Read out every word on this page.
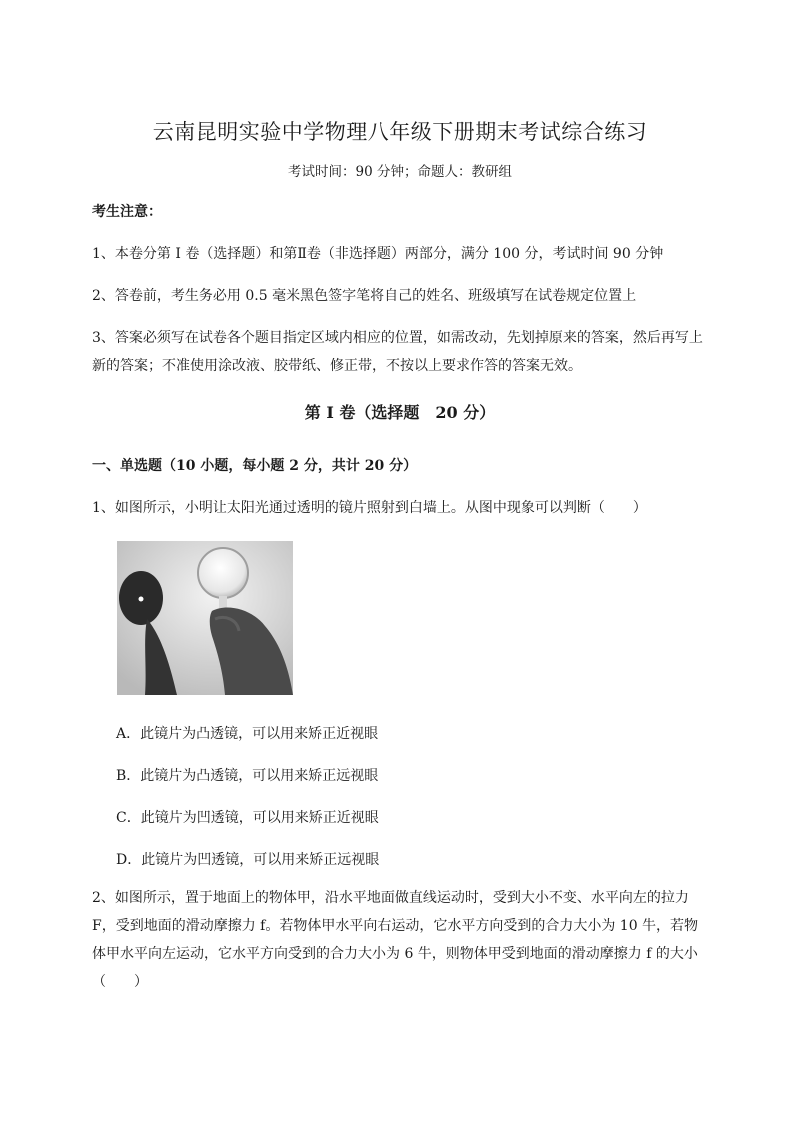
云南昆明实验中学物理八年级下册期末考试综合练习
考试时间：90 分钟；命题人：教研组
考生注意：
1、本卷分第 I 卷（选择题）和第Ⅱ卷（非选择题）两部分，满分 100 分，考试时间 90 分钟
2、答卷前，考生务必用 0.5 毫米黑色签字笔将自己的姓名、班级填写在试卷规定位置上
3、答案必须写在试卷各个题目指定区域内相应的位置，如需改动，先划掉原来的答案，然后再写上新的答案；不准使用涂改液、胶带纸、修正带，不按以上要求作答的答案无效。
第 I 卷（选择题　20 分）
一、单选题（10 小题，每小题 2 分，共计 20 分）
1、如图所示，小明让太阳光通过透明的镜片照射到白墙上。从图中现象可以判断（　　）
A．此镜片为凸透镜，可以用来矫正近视眼
B．此镜片为凸透镜，可以用来矫正远视眼
C．此镜片为凹透镜，可以用来矫正近视眼
D．此镜片为凹透镜，可以用来矫正远视眼
2、如图所示，置于地面上的物体甲，沿水平地面做直线运动时，受到大小不变、水平向左的拉力 F，受到地面的滑动摩擦力 f。若物体甲水平向右运动，它水平方向受到的合力大小为 10 牛，若物体甲水平向左运动，它水平方向受到的合力大小为 6 牛，则物体甲受到地面的滑动摩擦力 f 的大小（　　）
